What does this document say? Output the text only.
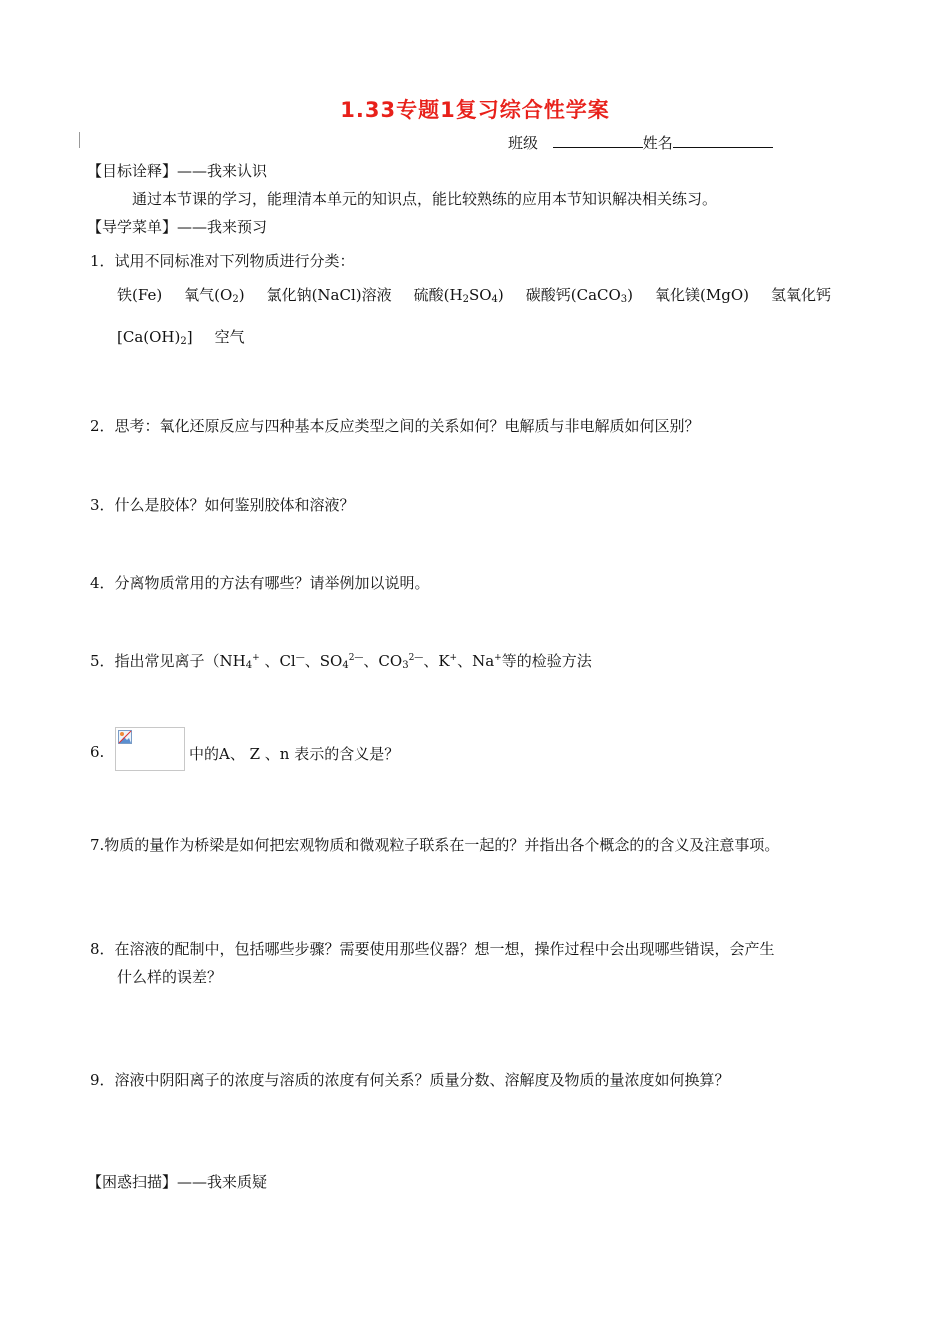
1.33专题1复习综合性学案
班级	姓名
【目标诠释】——我来认识
通过本节课的学习，能理清本单元的知识点，能比较熟练的应用本节知识解决相关练习。
【导学菜单】——我来预习
1．试用不同标准对下列物质进行分类：
铁(Fe) 氧气$(O_2)$ 氯化钠(NaCl)溶液 硫酸$(H_2SO_4)$ 碳酸钙(CaCO$_3$) 氧化镁(MgO) 氢氧化钙
$[Ca(OH)_2]$ 空气
2．思考：氧化还原反应与四种基本反应类型之间的关系如何？电解质与非电解质如何区别？
3．什么是胶体？如何鉴别胶体和溶液？
4．分离物质常用的方法有哪些？请举例加以说明。
5．指出常见离子（$NH_4^+$ 、Cl—、$SO_4^{2—}$、$CO_3^{2—}$、K+、Na+等的检验方法
6.	中的A、 Z 、n 表示的含义是？
7.物质的量作为桥梁是如何把宏观物质和微观粒子联系在一起的？并指出各个概念的的含义及注意事项。
8．在溶液的配制中，包括哪些步骤？需要使用那些仪器？想一想，操作过程中会出现哪些错误，会产生
什么样的误差？
9．溶液中阴阳离子的浓度与溶质的浓度有何关系？质量分数、溶解度及物质的量浓度如何换算？
【困惑扫描】——我来质疑
